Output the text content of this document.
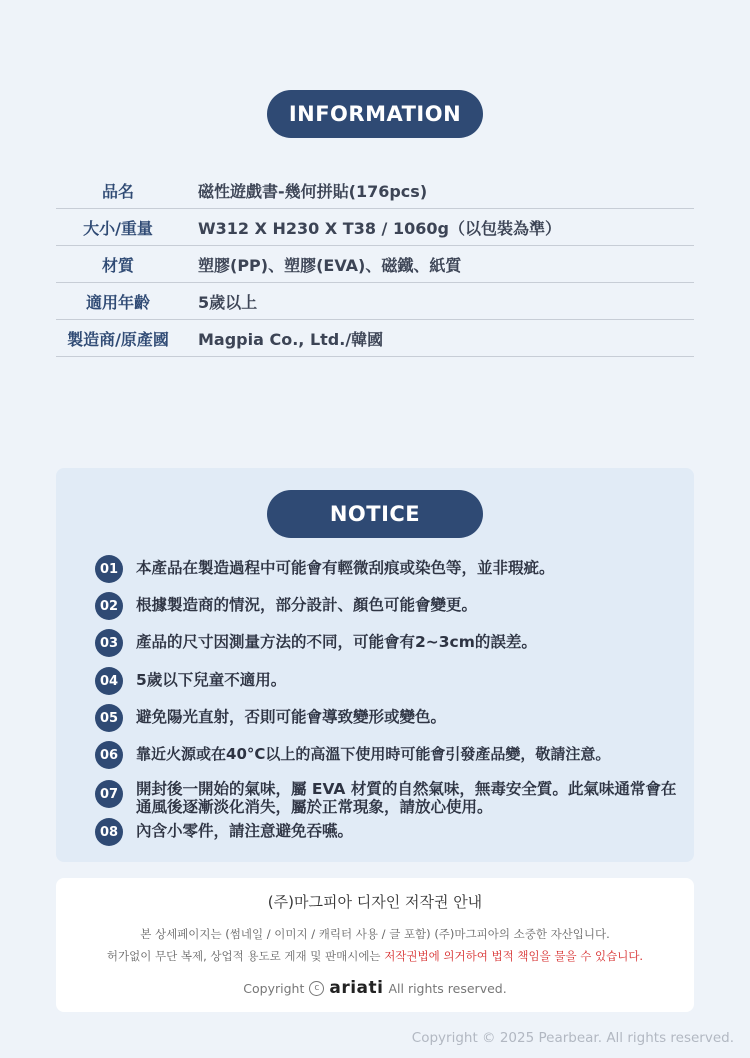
INFORMATION
品名	磁性遊戲書-幾何拼貼(176pcs)
大小/重量	W312 X H230 X T38 / 1060g（以包裝為準）
材質	塑膠(PP)、塑膠(EVA)、磁鐵、紙質
適用年齡	5歲以上
製造商/原產國	Magpia Co., Ltd./韓國
NOTICE
01	本產品在製造過程中可能會有輕微刮痕或染色等，並非瑕疵。
02	根據製造商的情況，部分設計、顏色可能會變更。
03	產品的尺寸因測量方法的不同，可能會有2~3cm的誤差。
04	5歲以下兒童不適用。
05	避免陽光直射，否則可能會導致變形或變色。
06	靠近火源或在40°C以上的高溫下使用時可能會引發產品變，敬請注意。
07	開封後一開始的氣味，屬 EVA 材質的自然氣味，無毒安全質。此氣味通常會在通風後逐漸淡化消失，屬於正常現象，請放心使用。
08	內含小零件，請注意避免吞嚥。
(주)마그피아 디자인 저작권 안내
본 상세페이지는 (썸네일 / 이미지 / 캐릭터 사용 / 글 포함) (주)마그피아의 소중한 자산입니다.
허가없이 무단 복제, 상업적 용도로 게재 및 판매시에는 저작권법에 의거하여 법적 책임을 물을 수 있습니다.
Copyright	c ariati All rights reserved.
Copyright © 2025 Pearbear. All rights reserved.
